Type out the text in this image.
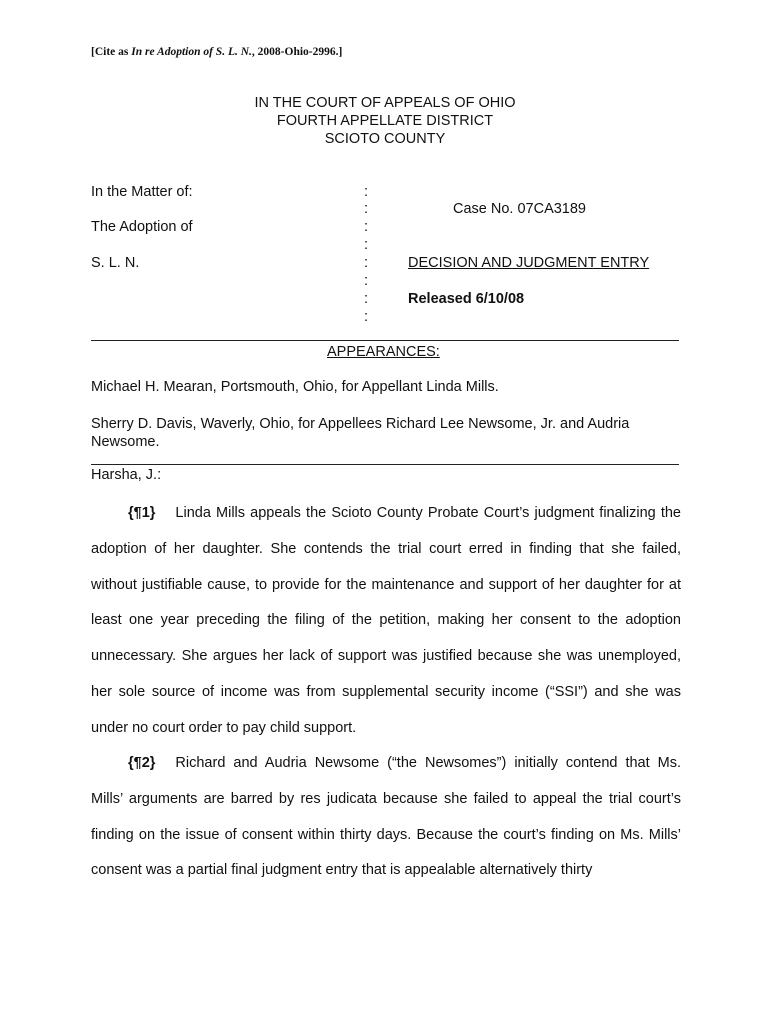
[Cite as In re Adoption of S. L. N., 2008-Ohio-2996.]
IN THE COURT OF APPEALS OF OHIO
FOURTH APPELLATE DISTRICT
SCIOTO COUNTY
In the Matter of:
The Adoption of
S. L. N.
:
:
:
:
:
:
:
:
Case No. 07CA3189
DECISION AND JUDGMENT ENTRY
Released 6/10/08
APPEARANCES:
Michael H. Mearan, Portsmouth, Ohio, for Appellant Linda Mills.
Sherry D. Davis, Waverly, Ohio, for Appellees Richard Lee Newsome, Jr. and Audria Newsome.
Harsha, J.:
{¶1} Linda Mills appeals the Scioto County Probate Court’s judgment finalizing the adoption of her daughter. She contends the trial court erred in finding that she failed, without justifiable cause, to provide for the maintenance and support of her daughter for at least one year preceding the filing of the petition, making her consent to the adoption unnecessary. She argues her lack of support was justified because she was unemployed, her sole source of income was from supplemental security income (“SSI”) and she was under no court order to pay child support.
{¶2} Richard and Audria Newsome (“the Newsomes”) initially contend that Ms. Mills’ arguments are barred by res judicata because she failed to appeal the trial court’s finding on the issue of consent within thirty days. Because the court’s finding on Ms. Mills’ consent was a partial final judgment entry that is appealable alternatively thirty
